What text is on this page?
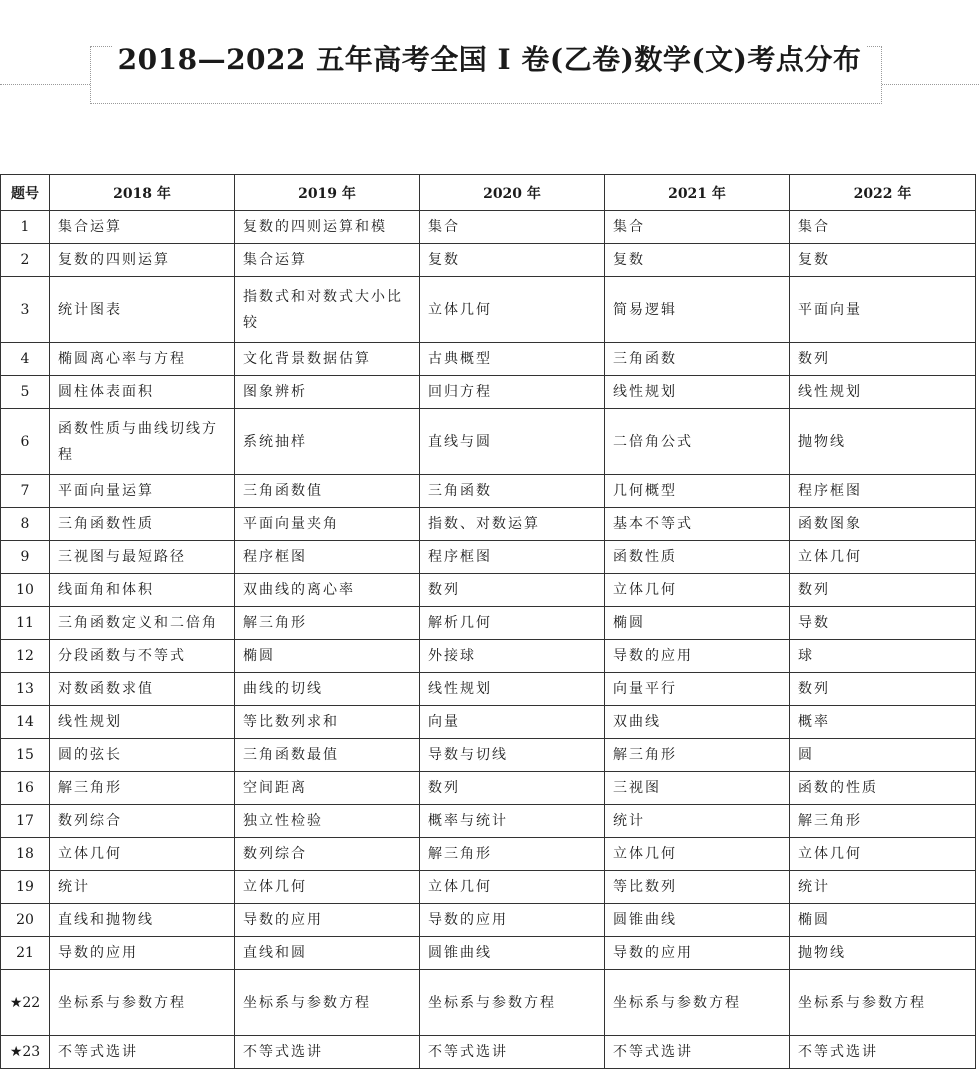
2018—2022 五年高考全国 I 卷(乙卷)数学(文)考点分布
题号	2018 年	2019 年	2020 年	2021 年	2022 年
1	集合运算	复数的四则运算和模	集合	集合	集合
2	复数的四则运算	集合运算	复数	复数	复数
3	统计图表	指数式和对数式大小比较	立体几何	简易逻辑	平面向量
4	椭圆离心率与方程	文化背景数据估算	古典概型	三角函数	数列
5	圆柱体表面积	图象辨析	回归方程	线性规划	线性规划
6	函数性质与曲线切线方程	系统抽样	直线与圆	二倍角公式	抛物线
7	平面向量运算	三角函数值	三角函数	几何概型	程序框图
8	三角函数性质	平面向量夹角	指数、对数运算	基本不等式	函数图象
9	三视图与最短路径	程序框图	程序框图	函数性质	立体几何
10	线面角和体积	双曲线的离心率	数列	立体几何	数列
11	三角函数定义和二倍角	解三角形	解析几何	椭圆	导数
12	分段函数与不等式	椭圆	外接球	导数的应用	球
13	对数函数求值	曲线的切线	线性规划	向量平行	数列
14	线性规划	等比数列求和	向量	双曲线	概率
15	圆的弦长	三角函数最值	导数与切线	解三角形	圆
16	解三角形	空间距离	数列	三视图	函数的性质
17	数列综合	独立性检验	概率与统计	统计	解三角形
18	立体几何	数列综合	解三角形	立体几何	立体几何
19	统计	立体几何	立体几何	等比数列	统计
20	直线和抛物线	导数的应用	导数的应用	圆锥曲线	椭圆
21	导数的应用	直线和圆	圆锥曲线	导数的应用	抛物线
★22	坐标系与参数方程	坐标系与参数方程	坐标系与参数方程	坐标系与参数方程	坐标系与参数方程
★23	不等式选讲	不等式选讲	不等式选讲	不等式选讲	不等式选讲
